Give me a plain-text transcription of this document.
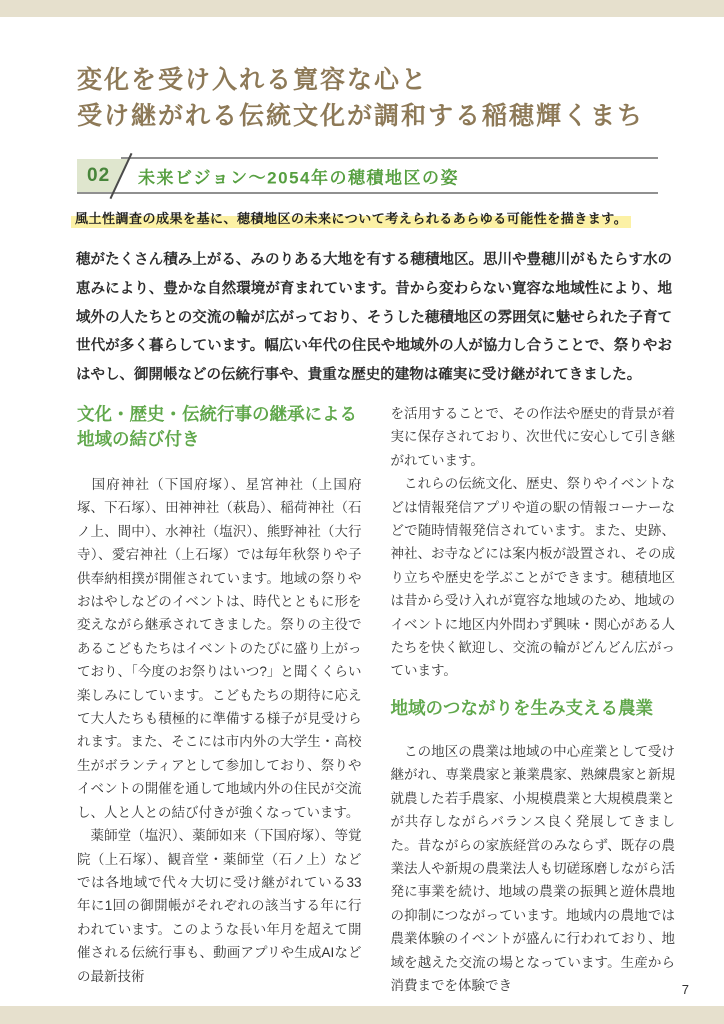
変化を受け入れる寛容な心と
受け継がれる伝統文化が調和する稲穂輝くまち
02 未来ビジョン～2054年の穂積地区の姿
風土性調査の成果を基に、穂積地区の未来について考えられるあらゆる可能性を描きます。

穂がたくさん積み上がる、みのりある大地を有する穂積地区。思川や豊穂川がもたらす水の恵みにより、豊かな自然環境が育まれています。昔から変わらない寛容な地域性により、地域外の人たちとの交流の輪が広がっており、そうした穂積地区の雰囲気に魅せられた子育て世代が多く暮らしています。幅広い年代の住民や地域外の人が協力し合うことで、祭りやおはやし、御開帳などの伝統行事や、貴重な歴史的建物は確実に受け継がれてきました。

文化・歴史・伝統行事の継承による地域の結び付き

　国府神社（下国府塚）、星宮神社（上国府塚、下石塚）、田神神社（萩島）、稲荷神社（石ノ上、間中）、水神社（塩沢）、熊野神社（大行寺）、愛宕神社（上石塚）では毎年秋祭りや子供奉納相撲が開催されています。地域の祭りやおはやしなどのイベントは、時代とともに形を変えながら継承されてきました。祭りの主役であるこどもたちはイベントのたびに盛り上がっており、「今度のお祭りはいつ?」と聞くくらい楽しみにしています。こどもたちの期待に応えて大人たちも積極的に準備する様子が見受けられます。また、そこには市内外の大学生・高校生がボランティアとして参加しており、祭りやイベントの開催を通して地域内外の住民が交流し、人と人との結び付きが強くなっています。

　薬師堂（塩沢）、薬師如来（下国府塚）、等覚院（上石塚）、観音堂・薬師堂（石ノ上）などでは各地域で代々大切に受け継がれている33年に1回の御開帳がそれぞれの該当する年に行われています。このような長い年月を超えて開催される伝統行事も、動画アプリや生成AIなどの最新技術

を活用することで、その作法や歴史的背景が着実に保存されており、次世代に安心して引き継がれています。

　これらの伝統文化、歴史、祭りやイベントなどは情報発信アプリや道の駅の情報コーナーなどで随時情報発信されています。また、史跡、神社、お寺などには案内板が設置され、その成り立ちや歴史を学ぶことができます。穂積地区は昔から受け入れが寛容な地域のため、地域のイベントに地区内外問わず興味・関心がある人たちを快く歓迎し、交流の輪がどんどん広がっています。

地域のつながりを生み支える農業

　この地区の農業は地域の中心産業として受け継がれ、専業農家と兼業農家、熟練農家と新規就農した若手農家、小規模農業と大規模農業とが共存しながらバランス良く発展してきました。昔ながらの家族経営のみならず、既存の農業法人や新規の農業法人も切磋琢磨しながら活発に事業を続け、地域の農業の振興と遊休農地の抑制につながっています。地域内の農地では農業体験のイベントが盛んに行われており、地域を越えた交流の場となっています。生産から消費までを体験でき	7
